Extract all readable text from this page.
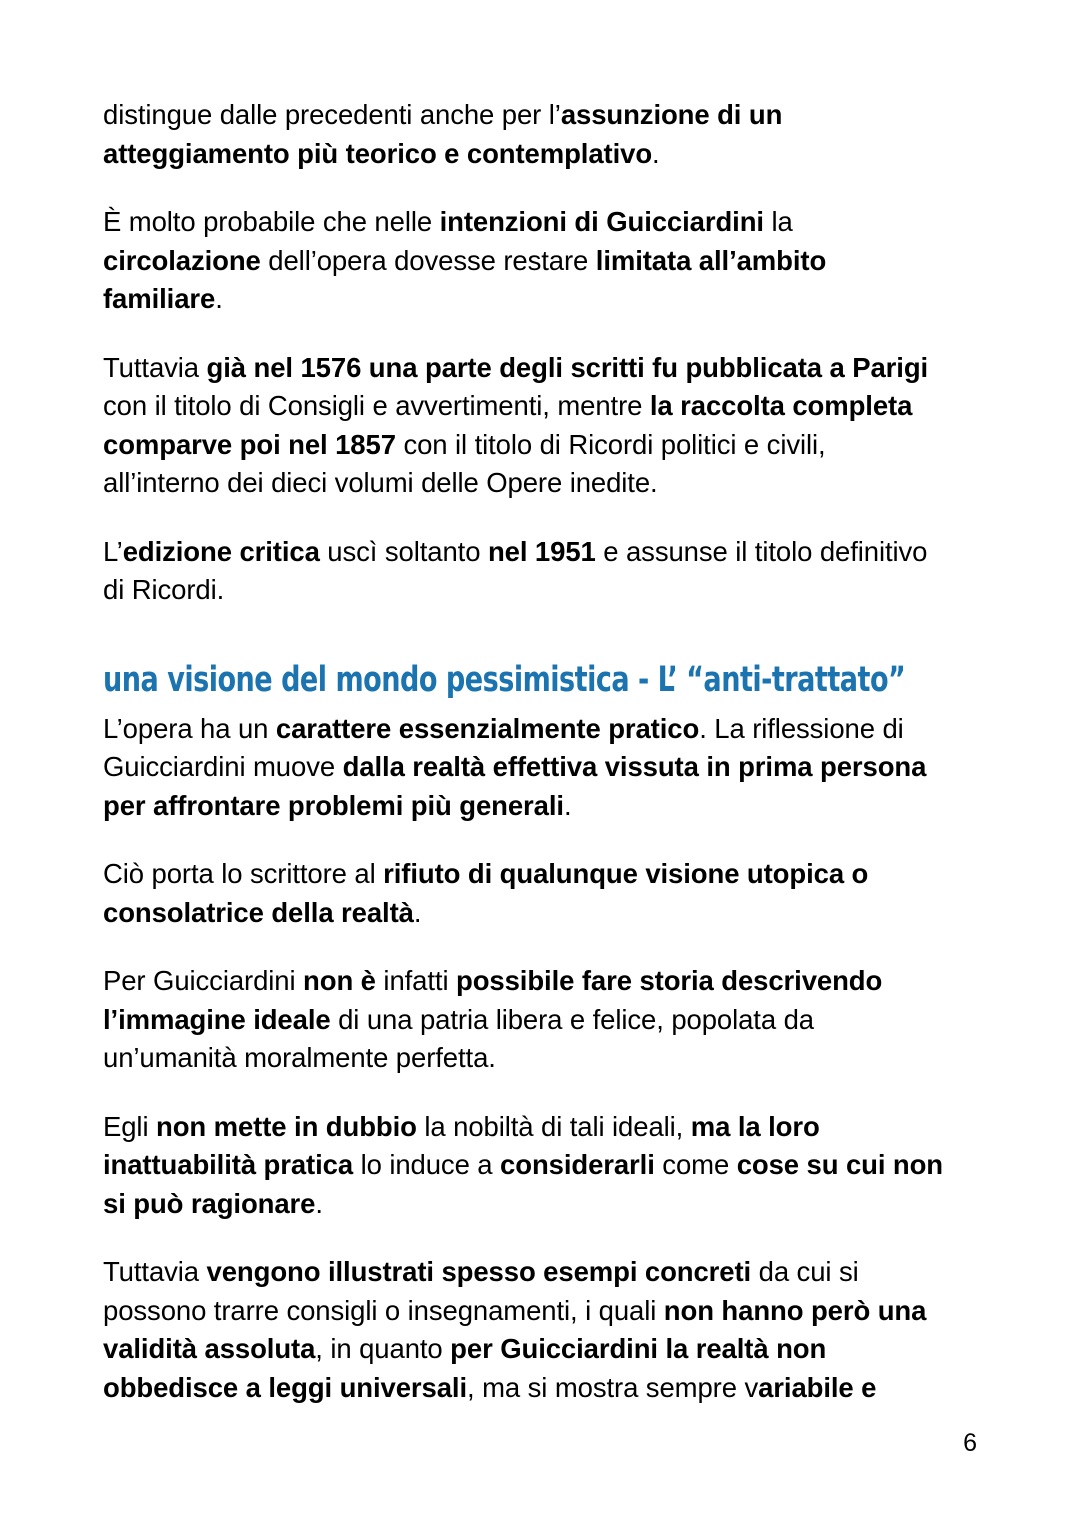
distingue dalle precedenti anche per l’assunzione di un atteggiamento più teorico e contemplativo.

È molto probabile che nelle intenzioni di Guicciardini la circolazione dell’opera dovesse restare limitata all’ambito familiare.

Tuttavia già nel 1576 una parte degli scritti fu pubblicata a Parigi con il titolo di Consigli e avvertimenti, mentre la raccolta completa comparve poi nel 1857 con il titolo di Ricordi politici e civili, all’interno dei dieci volumi delle Opere inedite.

L’edizione critica uscì soltanto nel 1951 e assunse il titolo definitivo di Ricordi.

una visione del mondo pessimistica - L’ “anti-trattato”

L’opera ha un carattere essenzialmente pratico. La riflessione di Guicciardini muove dalla realtà effettiva vissuta in prima persona per affrontare problemi più generali.

Ciò porta lo scrittore al rifiuto di qualunque visione utopica o consolatrice della realtà.

Per Guicciardini non è infatti possibile fare storia descrivendo l’immagine ideale di una patria libera e felice, popolata da un’umanità moralmente perfetta.

Egli non mette in dubbio la nobiltà di tali ideali, ma la loro inattuabilità pratica lo induce a considerarli come cose su cui non si può ragionare.

Tuttavia vengono illustrati spesso esempi concreti da cui si possono trarre consigli o insegnamenti, i quali non hanno però una validità assoluta, in quanto per Guicciardini la realtà non obbedisce a leggi universali, ma si mostra sempre variabile e

6
